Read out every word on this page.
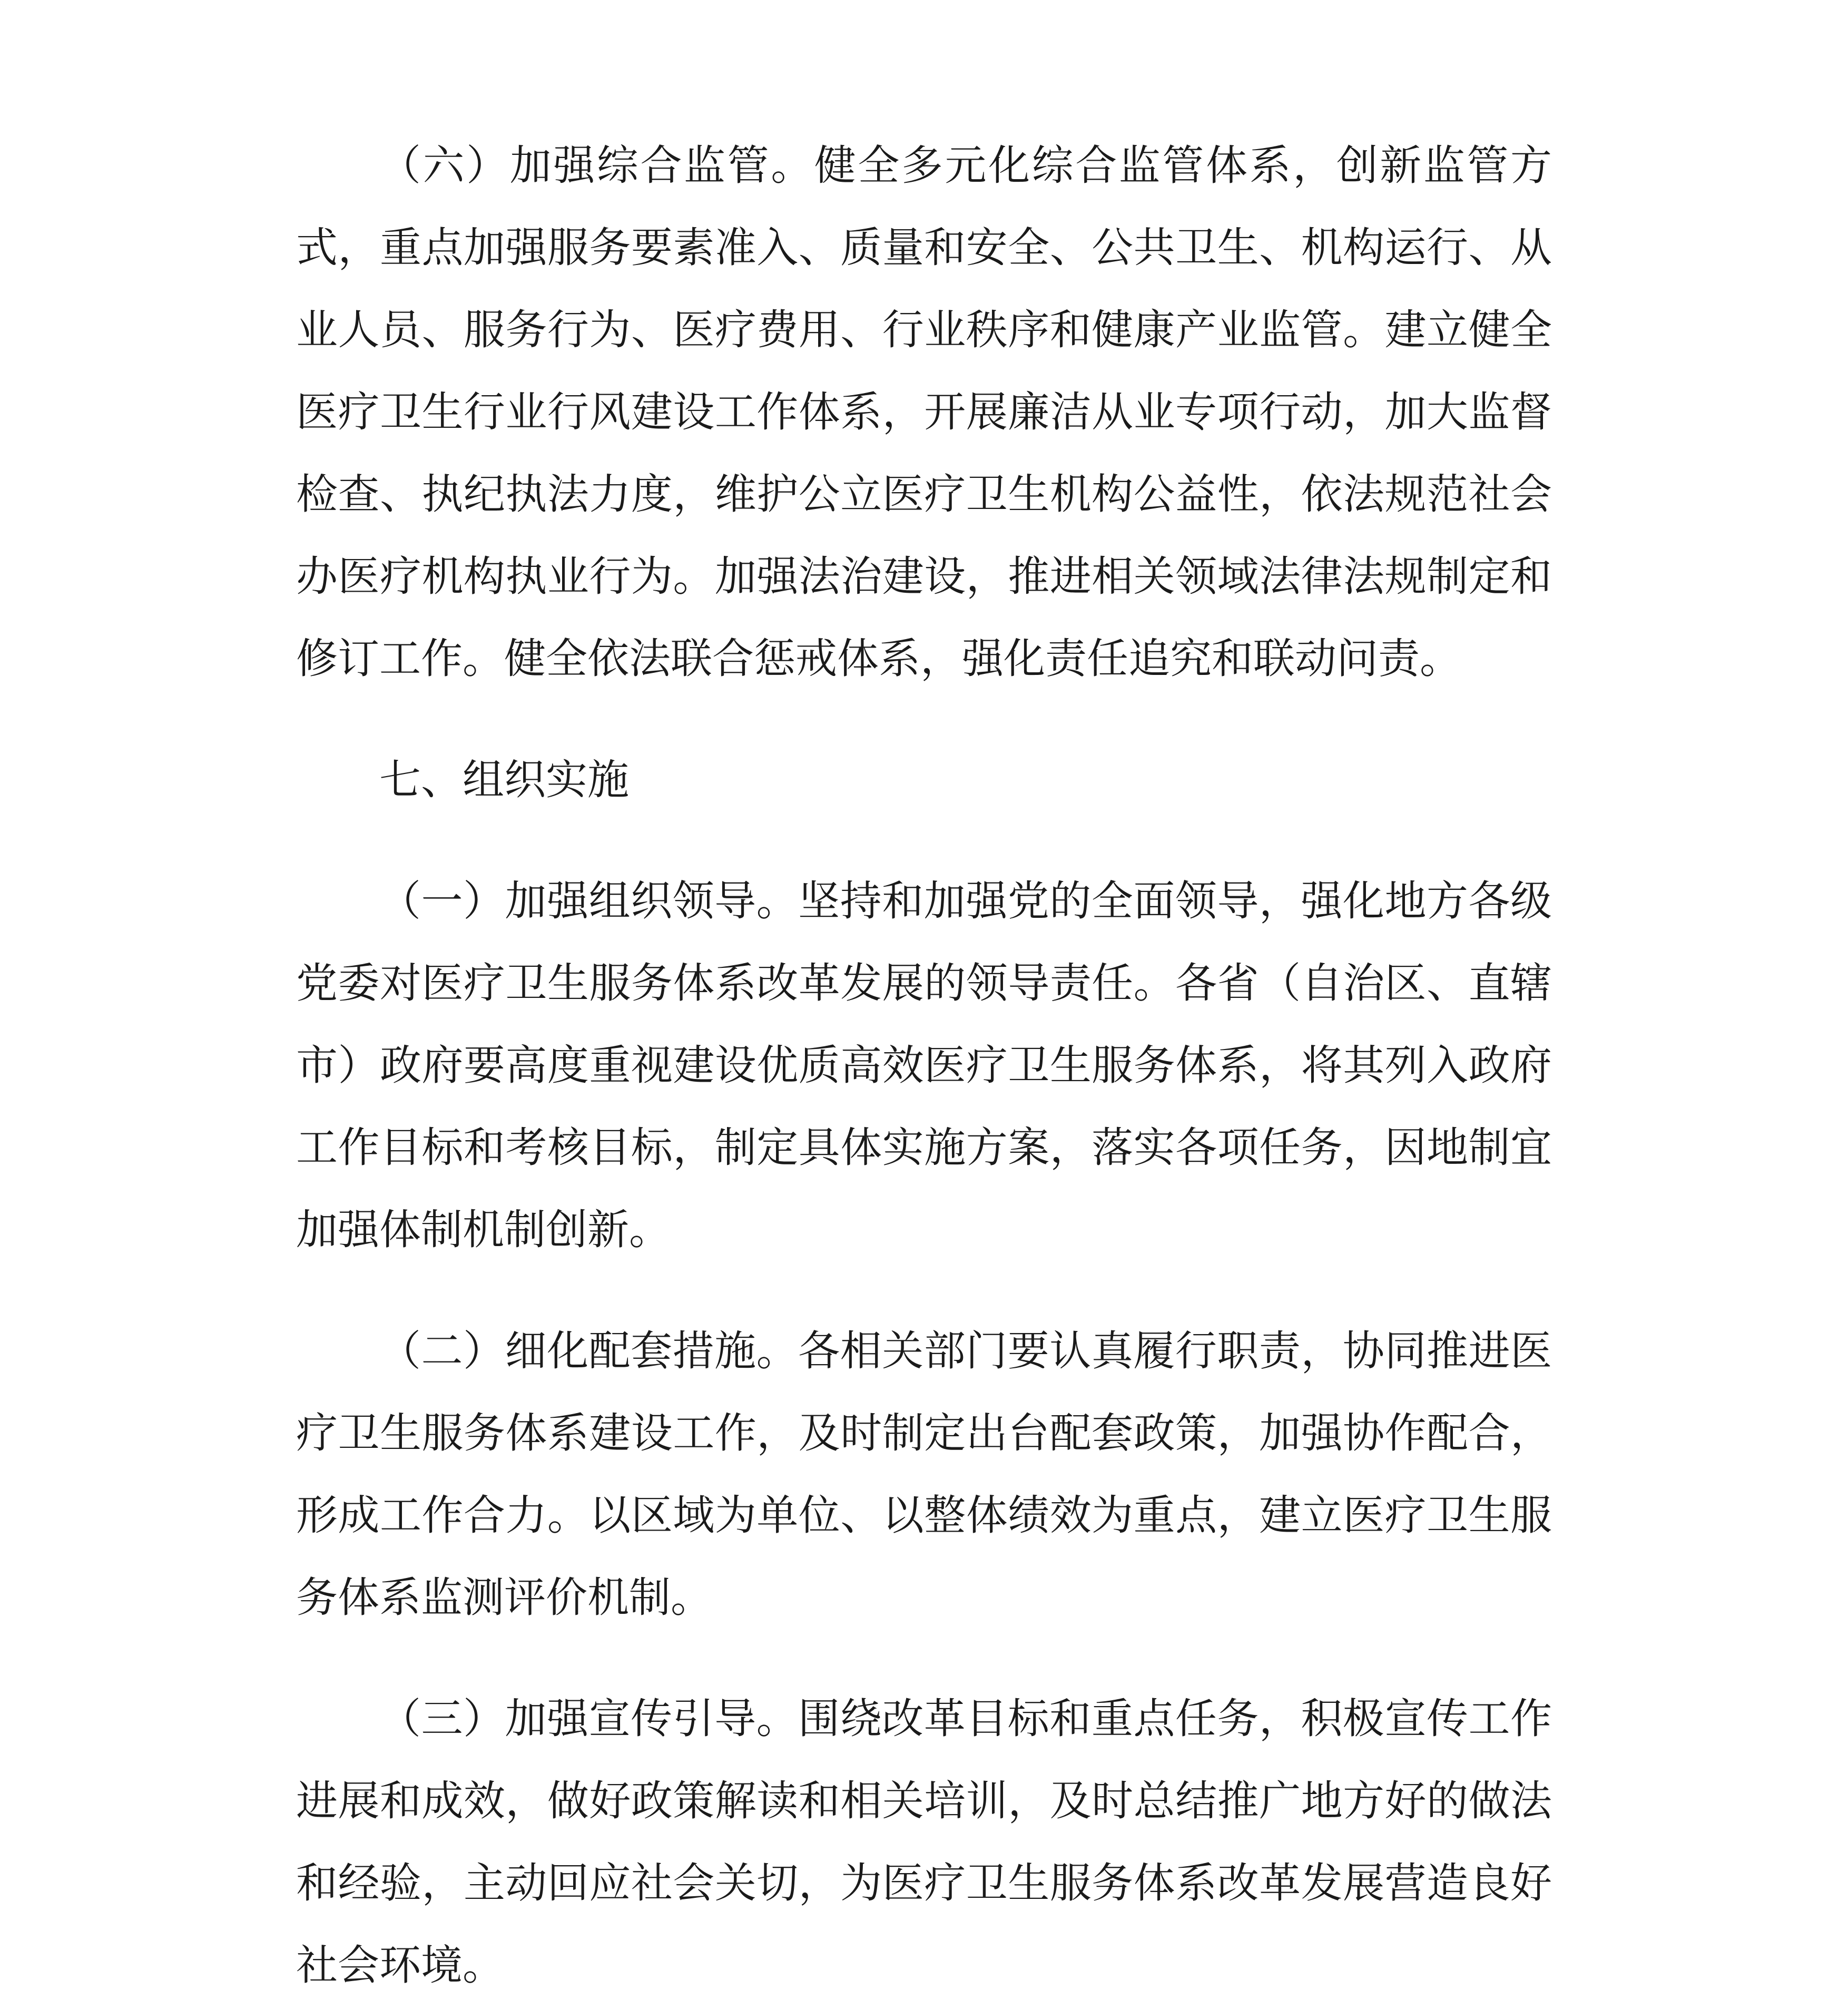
（六）加强综合监管。健全多元化综合监管体系，创新监管方式，重点加强服务要素准入、质量和安全、公共卫生、机构运行、从业人员、服务行为、医疗费用、行业秩序和健康产业监管。建立健全医疗卫生行业行风建设工作体系，开展廉洁从业专项行动，加大监督检查、执纪执法力度，维护公立医疗卫生机构公益性，依法规范社会办医疗机构执业行为。加强法治建设，推进相关领域法律法规制定和修订工作。健全依法联合惩戒体系，强化责任追究和联动问责。

七、组织实施

（一）加强组织领导。坚持和加强党的全面领导，强化地方各级党委对医疗卫生服务体系改革发展的领导责任。各省（自治区、直辖市）政府要高度重视建设优质高效医疗卫生服务体系，将其列入政府工作目标和考核目标，制定具体实施方案，落实各项任务，因地制宜加强体制机制创新。

（二）细化配套措施。各相关部门要认真履行职责，协同推进医疗卫生服务体系建设工作，及时制定出台配套政策，加强协作配合，形成工作合力。以区域为单位、以整体绩效为重点，建立医疗卫生服务体系监测评价机制。

（三）加强宣传引导。围绕改革目标和重点任务，积极宣传工作进展和成效，做好政策解读和相关培训，及时总结推广地方好的做法和经验，主动回应社会关切，为医疗卫生服务体系改革发展营造良好社会环境。
